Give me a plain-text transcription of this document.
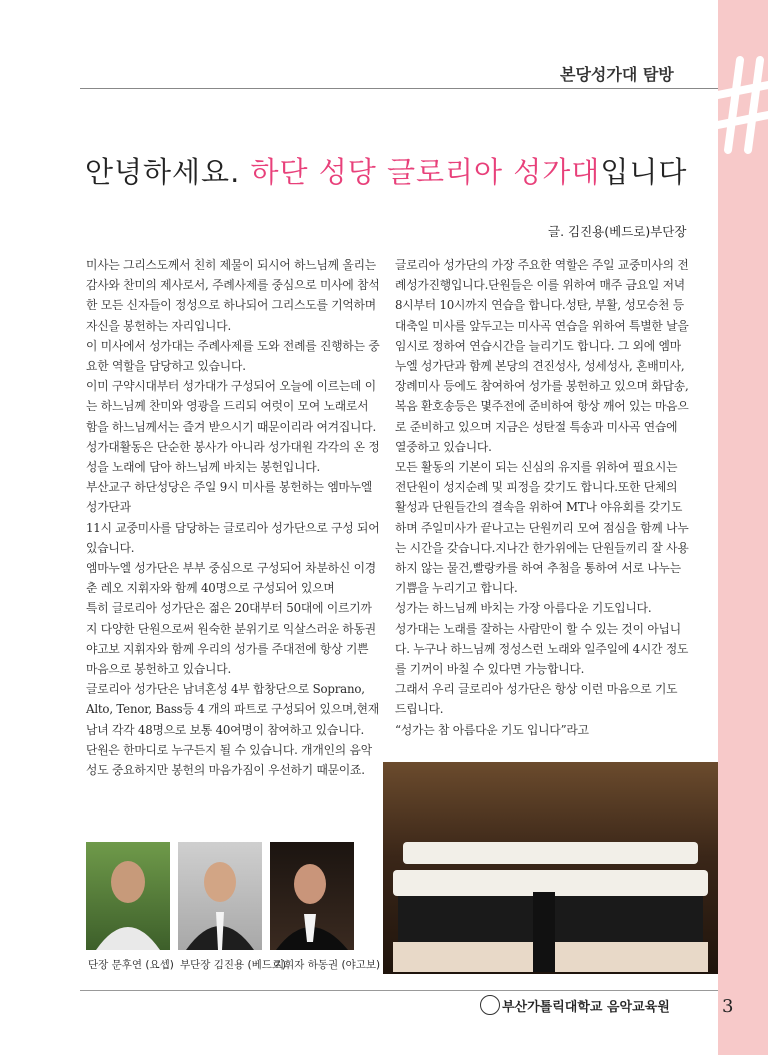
본당성가대 탐방
안녕하세요. 하단 성당 글로리아 성가대입니다
글. 김진용(베드로)부단장

미사는 그리스도께서 친히 제물이 되시어 하느님께 올리는 감사와 찬미의 제사로서, 주례사제를 중심으로 미사에 참석한 모든 신자들이 정성으로 하나되어 그리스도를 기억하며 자신을 봉헌하는 자리입니다.

이 미사에서 성가대는 주례사제를 도와 전례를 진행하는 중요한 역할을 담당하고 있습니다.

이미 구약시대부터 성가대가 구성되어 오늘에 이르는데 이는 하느님께 찬미와 영광을 드리되 여럿이 모여 노래로서 함을 하느님께서는 즐겨 받으시기 때문이리라 여겨집니다.

성가대활동은 단순한 봉사가 아니라 성가대원 각각의 온 정성을 노래에 담아 하느님께 바치는 봉헌입니다.

부산교구 하단성당은 주일 9시 미사를 봉헌하는 엠마누엘 성가단과

11시 교중미사를 담당하는 글로리아 성가단으로 구성 되어 있습니다.

엠마누엘 성가단은 부부 중심으로 구성되어 차분하신 이경춘 레오 지휘자와 함께 40명으로 구성되어 있으며

특히 글로리아 성가단은 젊은 20대부터 50대에 이르기까지 다양한 단원으로써 원숙한 분위기로 익살스러운 하동권 야고보 지휘자와 함께 우리의 성가를 주대전에 항상 기쁜 마음으로 봉헌하고 있습니다.

글로리아 성가단은 남녀혼성 4부 합창단으로 Soprano, Alto, Tenor, Bass등 4 개의 파트로 구성되어 있으며,현재 남녀 각각 48명으로 보통 40여명이 참여하고 있습니다.

단원은 한마디로 누구든지 될 수 있습니다. 개개인의 음악성도 중요하지만 봉헌의 마음가짐이 우선하기 때문이죠.

글로리아 성가단의 가장 주요한 역할은 주일 교중미사의 전례성가진행입니다.단원들은 이를 위하여 매주 금요일 저녁 8시부터 10시까지 연습을 합니다.성탄, 부활, 성모승천 등 대축일 미사를 앞두고는 미사곡 연습을 위하여 특별한 날을 임시로 정하여 연습시간을 늘리기도 합니다. 그 외에 엠마누엘 성가단과 함께 본당의 견진성사, 성세성사, 혼배미사, 장례미사 등에도 참여하여 성가를 봉헌하고 있으며 화답송,복음 환호송등은 몇주전에 준비하여 항상 깨어 있는 마음으로 준비하고 있으며 지금은 성탄절 특송과 미사곡 연습에 열중하고 있습니다.

모든 활동의 기본이 되는 신심의 유지를 위하여 필요시는 전단원이 성지순례 및 피정을 갖기도 합니다.또한 단체의 활성과 단원들간의 결속을 위하여 MT나 야유회를 갖기도 하며 주일미사가 끝나고는 단원끼리 모여 점심을 함께 나누는 시간을 갖습니다.지나간 한가위에는 단원들끼리 잘 사용하지 않는 물건,빨랑카를 하여 추첨을 통하여 서로 나누는 기쁨을 누리기고 합니다.

성가는 하느님께 바치는 가장 아름다운 기도입니다.

성가대는 노래를 잘하는 사람만이 할 수 있는 것이 아닙니다. 누구나 하느님께 정성스런 노래와 일주일에 4시간 정도를 기꺼이 바칠 수 있다면 가능합니다.

그래서 우리 글로리아 성가단은 항상 이런 마음으로 기도 드립니다.

“성가는 참 아름다운 기도 입니다”라고

단장 문후연 (요셉) 부단장 김진용 (베드로)
지휘자 하동권 (야고보)
부산가톨릭대학교 음악교육원	3
